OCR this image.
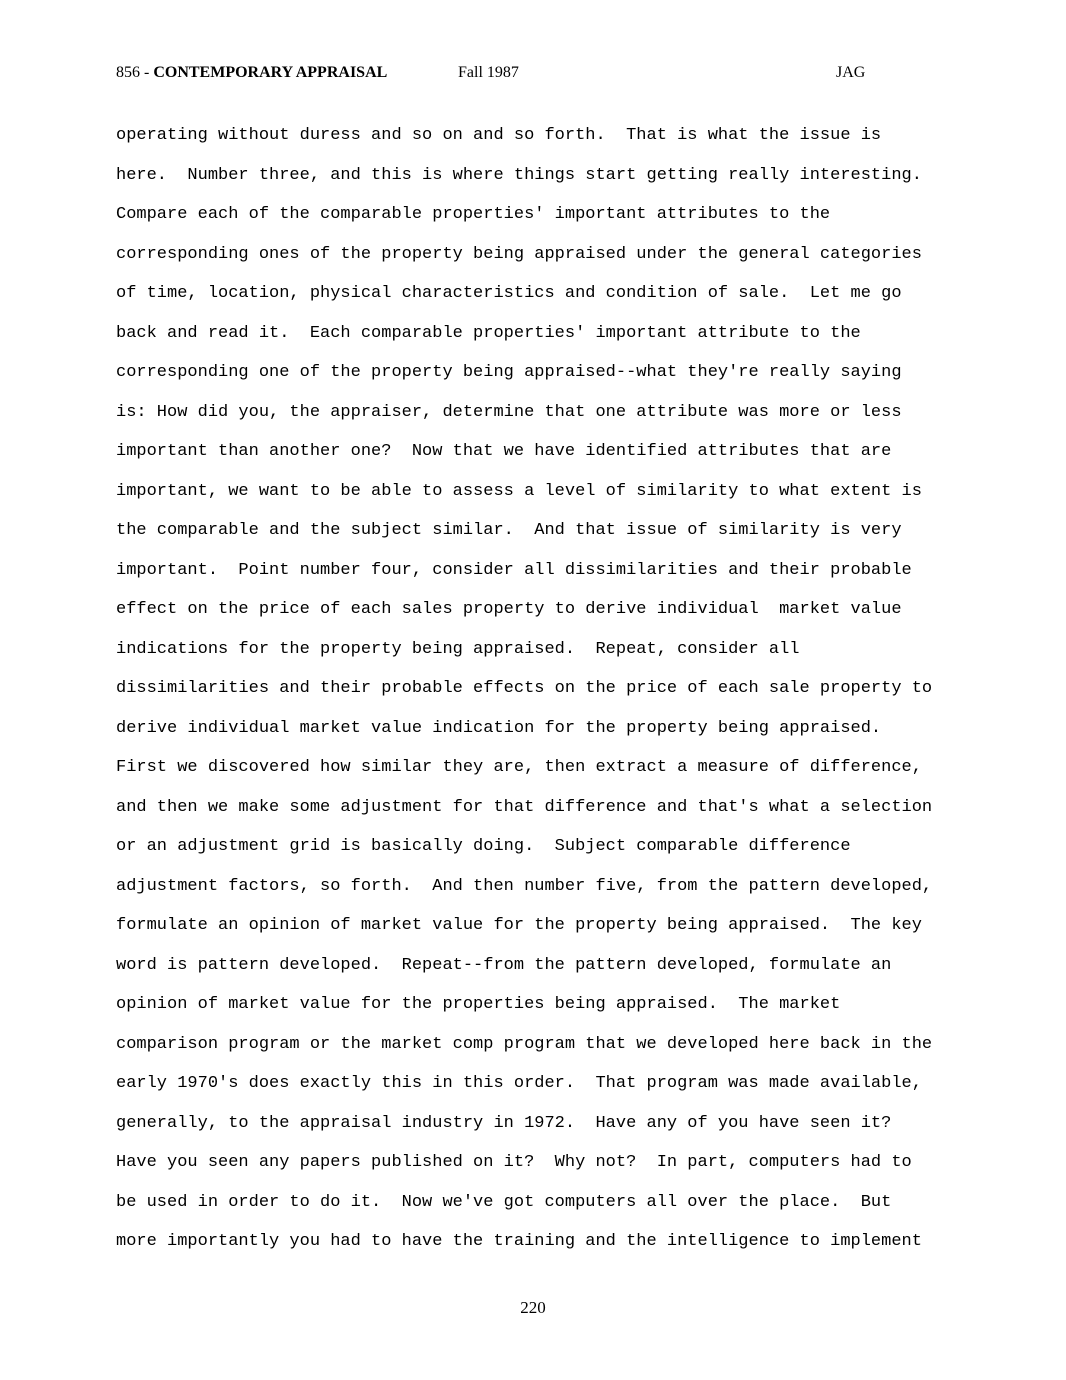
856 - CONTEMPORARY APPRAISAL	Fall 1987	JAG
operating without duress and so on and so forth.  That is what the issue is
here.  Number three, and this is where things start getting really interesting.
Compare each of the comparable properties' important attributes to the
corresponding ones of the property being appraised under the general categories
of time, location, physical characteristics and condition of sale.  Let me go
back and read it.  Each comparable properties' important attribute to the
corresponding one of the property being appraised--what they're really saying
is: How did you, the appraiser, determine that one attribute was more or less
important than another one?  Now that we have identified attributes that are
important, we want to be able to assess a level of similarity to what extent is
the comparable and the subject similar.  And that issue of similarity is very
important.  Point number four, consider all dissimilarities and their probable
effect on the price of each sales property to derive individual  market value
indications for the property being appraised.  Repeat, consider all
dissimilarities and their probable effects on the price of each sale property to
derive individual market value indication for the property being appraised.
First we discovered how similar they are, then extract a measure of difference,
and then we make some adjustment for that difference and that's what a selection
or an adjustment grid is basically doing.  Subject comparable difference
adjustment factors, so forth.  And then number five, from the pattern developed,
formulate an opinion of market value for the property being appraised.  The key
word is pattern developed.  Repeat--from the pattern developed, formulate an
opinion of market value for the properties being appraised.  The market
comparison program or the market comp program that we developed here back in the
early 1970's does exactly this in this order.  That program was made available,
generally, to the appraisal industry in 1972.  Have any of you have seen it?
Have you seen any papers published on it?  Why not?  In part, computers had to
be used in order to do it.  Now we've got computers all over the place.  But
more importantly you had to have the training and the intelligence to implement
220
